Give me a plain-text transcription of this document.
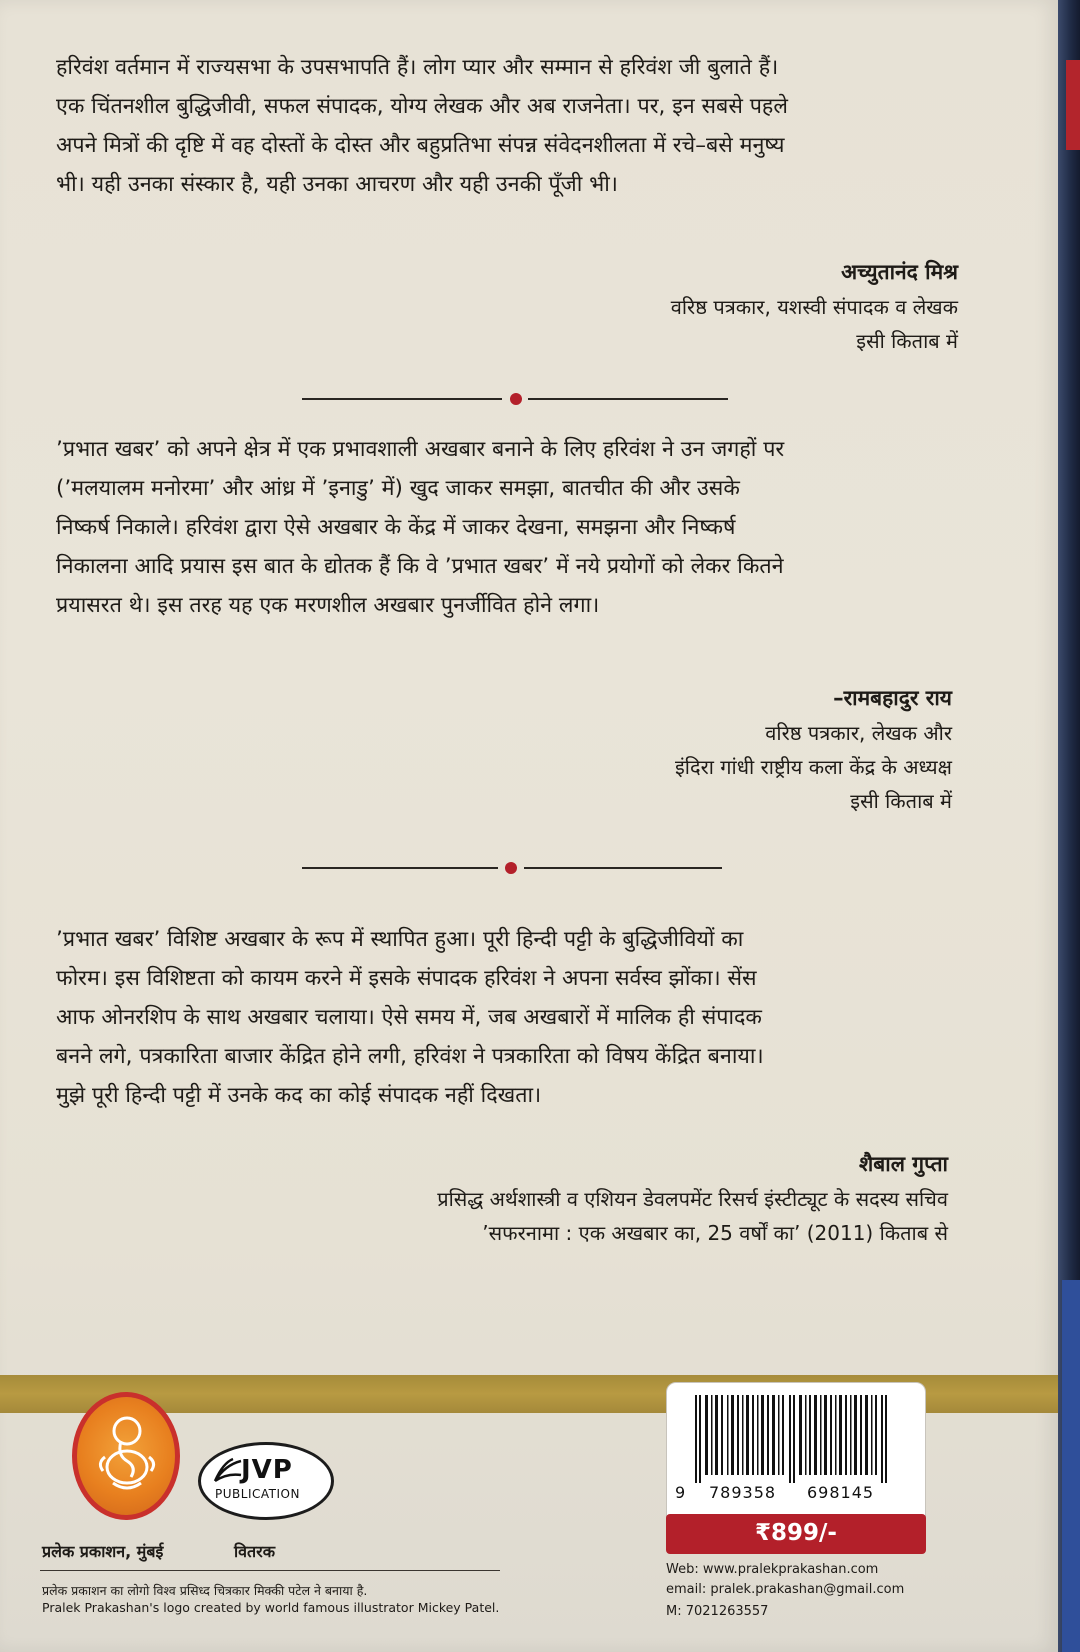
हरिवंश वर्तमान में राज्यसभा के उपसभापति हैं। लोग प्यार और सम्मान से हरिवंश जी बुलाते हैं।
एक चिंतनशील बुद्धिजीवी, सफल संपादक, योग्य लेखक और अब राजनेता। पर, इन सबसे पहले
अपने मित्रों की दृष्टि में वह दोस्तों के दोस्त और बहुप्रतिभा संपन्न संवेदनशीलता में रचे–बसे मनुष्य
भी। यही उनका संस्कार है, यही उनका आचरण और यही उनकी पूँजी भी।

अच्युतानंद मिश्र
वरिष्ठ पत्रकार, यशस्वी संपादक व लेखक
इसी किताब में

’प्रभात खबर’ को अपने क्षेत्र में एक प्रभावशाली अखबार बनाने के लिए हरिवंश ने उन जगहों पर
(’मलयालम मनोरमा’ और आंध्र में ’इनाडु’ में) खुद जाकर समझा, बातचीत की और उसके
निष्कर्ष निकाले। हरिवंश द्वारा ऐसे अखबार के केंद्र में जाकर देखना, समझना और निष्कर्ष
निकालना आदि प्रयास इस बात के द्योतक हैं कि वे ’प्रभात खबर’ में नये प्रयोगों को लेकर कितने
प्रयासरत थे। इस तरह यह एक मरणशील अखबार पुनर्जीवित होने लगा।

–रामबहादुर राय
वरिष्ठ पत्रकार, लेखक और
इंदिरा गांधी राष्ट्रीय कला केंद्र के अध्यक्ष
इसी किताब में

’प्रभात खबर’ विशिष्ट अखबार के रूप में स्थापित हुआ। पूरी हिन्दी पट्टी के बुद्धिजीवियों का
फोरम। इस विशिष्टता को कायम करने में इसके संपादक हरिवंश ने अपना सर्वस्व झोंका। सेंस
आफ ओनरशिप के साथ अखबार चलाया। ऐसे समय में, जब अखबारों में मालिक ही संपादक
बनने लगे, पत्रकारिता बाजार केंद्रित होने लगी, हरिवंश ने पत्रकारिता को विषय केंद्रित बनाया।
मुझे पूरी हिन्दी पट्टी में उनके कद का कोई संपादक नहीं दिखता।

शैबाल गुप्ता
प्रसिद्ध अर्थशास्त्री व एशियन डेवलपमेंट रिसर्च इंस्टीट्यूट के सदस्य सचिव
’सफरनामा : एक अखबार का, 25 वर्षों का’ (2011) किताब से
JVP
PUBLICATION
प्रलेक प्रकाशन, मुंबई	वितरक
प्रलेक प्रकाशन का लोगो विश्व प्रसिध्द चित्रकार मिक्की पटेल ने बनाया है.
Pralek Prakashan's logo created by world famous illustrator Mickey Patel.
9 789358 698145
₹899/-
Web: www.pralekprakashan.com
email: pralek.prakashan@gmail.com
M: 7021263557
